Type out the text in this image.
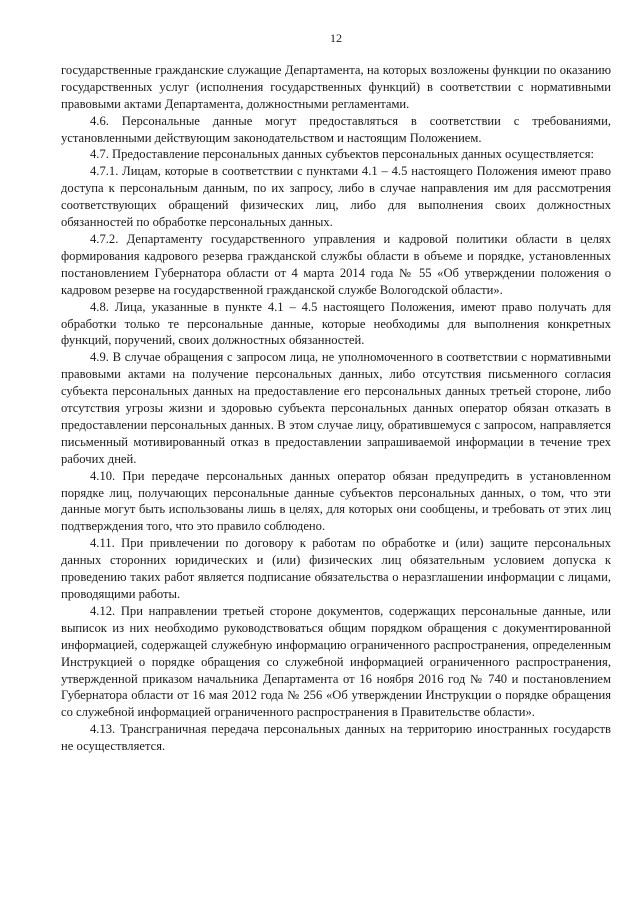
12

государственные гражданские служащие Департамента, на которых возложены функции по оказанию государственных услуг (исполнения государственных функций) в соответствии с нормативными правовыми актами Департамента, должностными регламентами.

4.6. Персональные данные могут предоставляться в соответствии с требованиями, установленными действующим законодательством и настоящим Положением.

4.7. Предоставление персональных данных субъектов персональных данных осуществляется:

4.7.1. Лицам, которые в соответствии с пунктами 4.1 – 4.5 настоящего Положения имеют право доступа к персональным данным, по их запросу, либо в случае направления им для рассмотрения соответствующих обращений физических лиц, либо для выполнения своих должностных обязанностей по обработке персональных данных.

4.7.2. Департаменту государственного управления и кадровой политики области в целях формирования кадрового резерва гражданской службы области в объеме и порядке, установленных постановлением Губернатора области от 4 марта 2014 года № 55 «Об утверждении положения о кадровом резерве на государственной гражданской службе Вологодской области».

4.8. Лица, указанные в пункте 4.1 – 4.5 настоящего Положения, имеют право получать для обработки только те персональные данные, которые необходимы для выполнения конкретных функций, поручений, своих должностных обязанностей.

4.9. В случае обращения с запросом лица, не уполномоченного в соответствии с нормативными правовыми актами на получение персональных данных, либо отсутствия письменного согласия субъекта персональных данных на предоставление его персональных данных третьей стороне, либо отсутствия угрозы жизни и здоровью субъекта персональных данных оператор обязан отказать в предоставлении персональных данных. В этом случае лицу, обратившемуся с запросом, направляется письменный мотивированный отказ в предоставлении запрашиваемой информации в течение трех рабочих дней.

4.10. При передаче персональных данных оператор обязан предупредить в установленном порядке лиц, получающих персональные данные субъектов персональных данных, о том, что эти данные могут быть использованы лишь в целях, для которых они сообщены, и требовать от этих лиц подтверждения того, что это правило соблюдено.

4.11. При привлечении по договору к работам по обработке и (или) защите персональных данных сторонних юридических и (или) физических лиц обязательным условием допуска к проведению таких работ является подписание обязательства о неразглашении информации с лицами, проводящими работы.

4.12. При направлении третьей стороне документов, содержащих персональные данные, или выписок из них необходимо руководствоваться общим порядком обращения с документированной информацией, содержащей служебную информацию ограниченного распространения, определенным Инструкцией о порядке обращения со служебной информацией ограниченного распространения, утвержденной приказом начальника Департамента от 16 ноября 2016 год № 740 и постановлением Губернатора области от 16 мая 2012 года № 256 «Об утверждении Инструкции о порядке обращения со служебной информацией ограниченного распространения в Правительстве области».

4.13. Трансграничная передача персональных данных на территорию иностранных государств не осуществляется.
